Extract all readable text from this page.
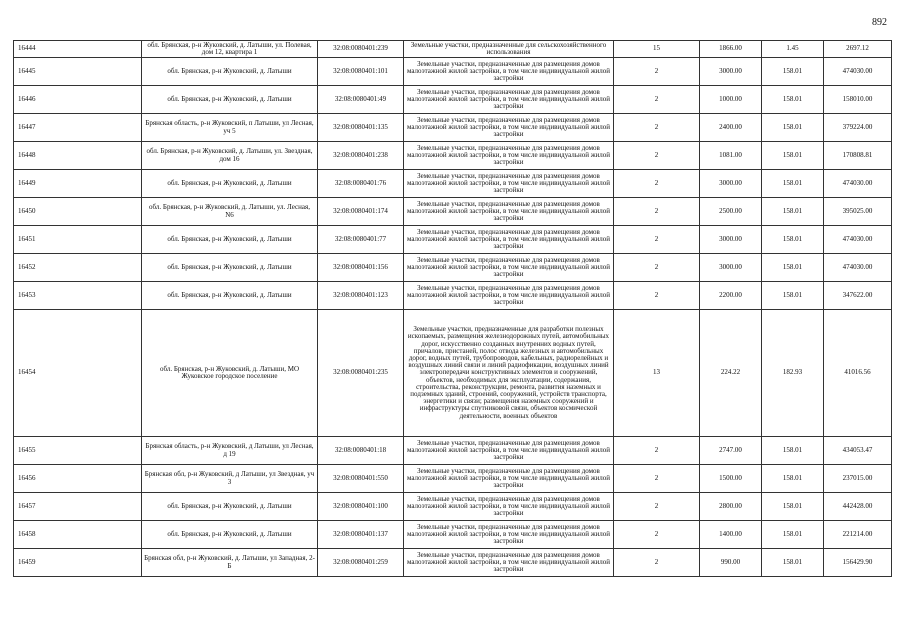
892
16444	обл. Брянская, р-н Жуковский, д. Латыши, ул. Полевая, дом 12, квартира 1	32:08:0080401:239	Земельные участки, предназначенные для сельскохозяйственного использования	15	1866.00	1.45	2697.12
16445	обл. Брянская, р-н Жуковский, д. Латыши	32:08:0080401:101	Земельные участки, предназначенные для размещения домов малоэтажной жилой застройки, в том числе индивидуальной жилой застройки	2	3000.00	158.01	474030.00
16446	обл. Брянская, р-н Жуковский, д. Латыши	32:08:0080401:49	Земельные участки, предназначенные для размещения домов малоэтажной жилой застройки, в том числе индивидуальной жилой застройки	2	1000.00	158.01	158010.00
16447	Брянская область, р-н Жуковский, п Латыши, ул Лесная, уч 5	32:08:0080401:135	Земельные участки, предназначенные для размещения домов малоэтажной жилой застройки, в том числе индивидуальной жилой застройки	2	2400.00	158.01	379224.00
16448	обл. Брянская, р-н Жуковский, д. Латыши, ул. Звездная, дом 16	32:08:0080401:238	Земельные участки, предназначенные для размещения домов малоэтажной жилой застройки, в том числе индивидуальной жилой застройки	2	1081.00	158.01	170808.81
16449	обл. Брянская, р-н Жуковский, д. Латыши	32:08:0080401:76	Земельные участки, предназначенные для размещения домов малоэтажной жилой застройки, в том числе индивидуальной жилой застройки	2	3000.00	158.01	474030.00
16450	обл. Брянская, р-н Жуковский, д. Латыши, ул. Лесная, N6	32:08:0080401:174	Земельные участки, предназначенные для размещения домов малоэтажной жилой застройки, в том числе индивидуальной жилой застройки	2	2500.00	158.01	395025.00
16451	обл. Брянская, р-н Жуковский, д. Латыши	32:08:0080401:77	Земельные участки, предназначенные для размещения домов малоэтажной жилой застройки, в том числе индивидуальной жилой застройки	2	3000.00	158.01	474030.00
16452	обл. Брянская, р-н Жуковский, д. Латыши	32:08:0080401:156	Земельные участки, предназначенные для размещения домов малоэтажной жилой застройки, в том числе индивидуальной жилой застройки	2	3000.00	158.01	474030.00
16453	обл. Брянская, р-н Жуковский, д. Латыши	32:08:0080401:123	Земельные участки, предназначенные для размещения домов малоэтажной жилой застройки, в том числе индивидуальной жилой застройки	2	2200.00	158.01	347622.00
16454	обл. Брянская, р-н Жуковский, д. Латыши, МО Жуковское городское поселение	32:08:0080401:235	Земельные участки, предназначенные для разработки полезных ископаемых, размещения железнодорожных путей, автомобильных дорог, искусственно созданных внутренних водных путей, причалов, пристаней, полос отвода железных и автомобильных дорог, водных путей, трубопроводов, кабельных, радиорелейных и воздушных линий связи и линий радиофикации, воздушных линий электропередачи конструктивных элементов и сооружений, объектов, необходимых для эксплуатации, содержания, строительства, реконструкции, ремонта, развития наземных и подземных зданий, строений, сооружений, устройств транспорта, энергетики и связи; размещения наземных сооружений и инфраструктуры спутниковой связи, объектов космической деятельности, военных объектов	13	224.22	182.93	41016.56
16455	Брянская область, р-н Жуковский, д Латыши, ул Лесная, д 19	32:08:0080401:18	Земельные участки, предназначенные для размещения домов малоэтажной жилой застройки, в том числе индивидуальной жилой застройки	2	2747.00	158.01	434053.47
16456	Брянская обл, р-н Жуковский, д Латыши, ул Звездная, уч 3	32:08:0080401:550	Земельные участки, предназначенные для размещения домов малоэтажной жилой застройки, в том числе индивидуальной жилой застройки	2	1500.00	158.01	237015.00
16457	обл. Брянская, р-н Жуковский, д. Латыши	32:08:0080401:100	Земельные участки, предназначенные для размещения домов малоэтажной жилой застройки, в том числе индивидуальной жилой застройки	2	2800.00	158.01	442428.00
16458	обл. Брянская, р-н Жуковский, д. Латыши	32:08:0080401:137	Земельные участки, предназначенные для размещения домов малоэтажной жилой застройки, в том числе индивидуальной жилой застройки	2	1400.00	158.01	221214.00
16459	Брянская обл, р-н Жуковский, д. Латыши, ул Западная, 2-Б	32:08:0080401:259	Земельные участки, предназначенные для размещения домов малоэтажной жилой застройки, в том числе индивидуальной жилой застройки	2	990.00	158.01	156429.90
